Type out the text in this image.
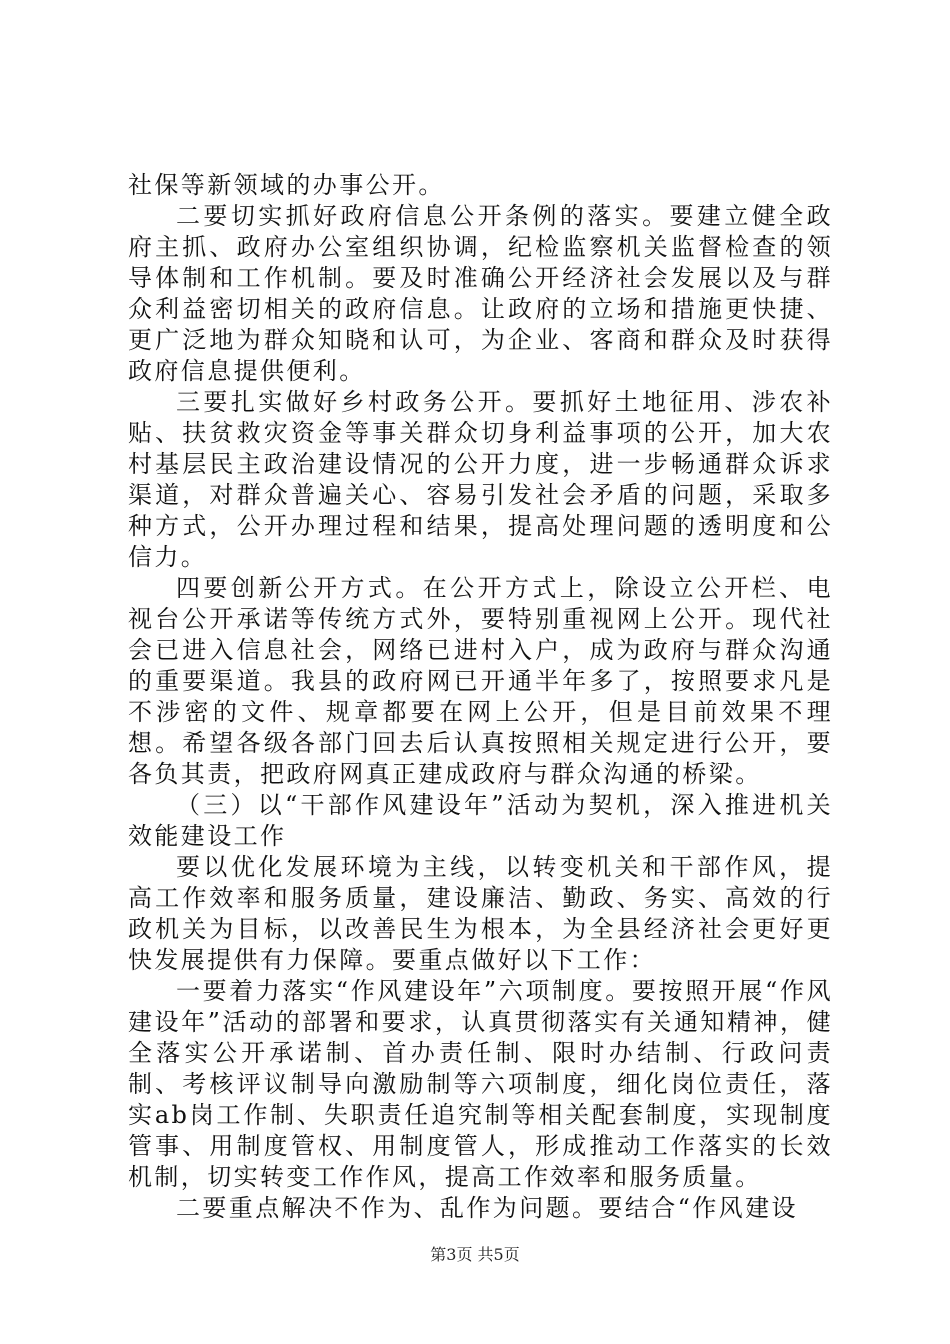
社保等新领域的办事公开。

二要切实抓好政府信息公开条例的落实。要建立健全政府主抓、政府办公室组织协调，纪检监察机关监督检查的领导体制和工作机制。要及时准确公开经济社会发展以及与群众利益密切相关的政府信息。让政府的立场和措施更快捷、更广泛地为群众知晓和认可，为企业、客商和群众及时获得政府信息提供便利。

三要扎实做好乡村政务公开。要抓好土地征用、涉农补贴、扶贫救灾资金等事关群众切身利益事项的公开，加大农村基层民主政治建设情况的公开力度，进一步畅通群众诉求渠道，对群众普遍关心、容易引发社会矛盾的问题，采取多种方式，公开办理过程和结果，提高处理问题的透明度和公信力。

四要创新公开方式。在公开方式上，除设立公开栏、电视台公开承诺等传统方式外，要特别重视网上公开。现代社会已进入信息社会，网络已进村入户，成为政府与群众沟通的重要渠道。我县的政府网已开通半年多了，按照要求凡是不涉密的文件、规章都要在网上公开，但是目前效果不理想。希望各级各部门回去后认真按照相关规定进行公开，要各负其责，把政府网真正建成政府与群众沟通的桥梁。

（三）以“干部作风建设年”活动为契机，深入推进机关效能建设工作

要以优化发展环境为主线，以转变机关和干部作风，提高工作效率和服务质量，建设廉洁、勤政、务实、高效的行政机关为目标，以改善民生为根本，为全县经济社会更好更快发展提供有力保障。要重点做好以下工作：

一要着力落实“作风建设年”六项制度。要按照开展“作风建设年”活动的部署和要求，认真贯彻落实有关通知精神，健全落实公开承诺制、首办责任制、限时办结制、行政问责制、考核评议制导向激励制等六项制度，细化岗位责任，落实ab岗工作制、失职责任追究制等相关配套制度，实现制度管事、用制度管权、用制度管人，形成推动工作落实的长效机制，切实转变工作作风，提高工作效率和服务质量。

二要重点解决不作为、乱作为问题。要结合“作风建设

第3页 共5页
